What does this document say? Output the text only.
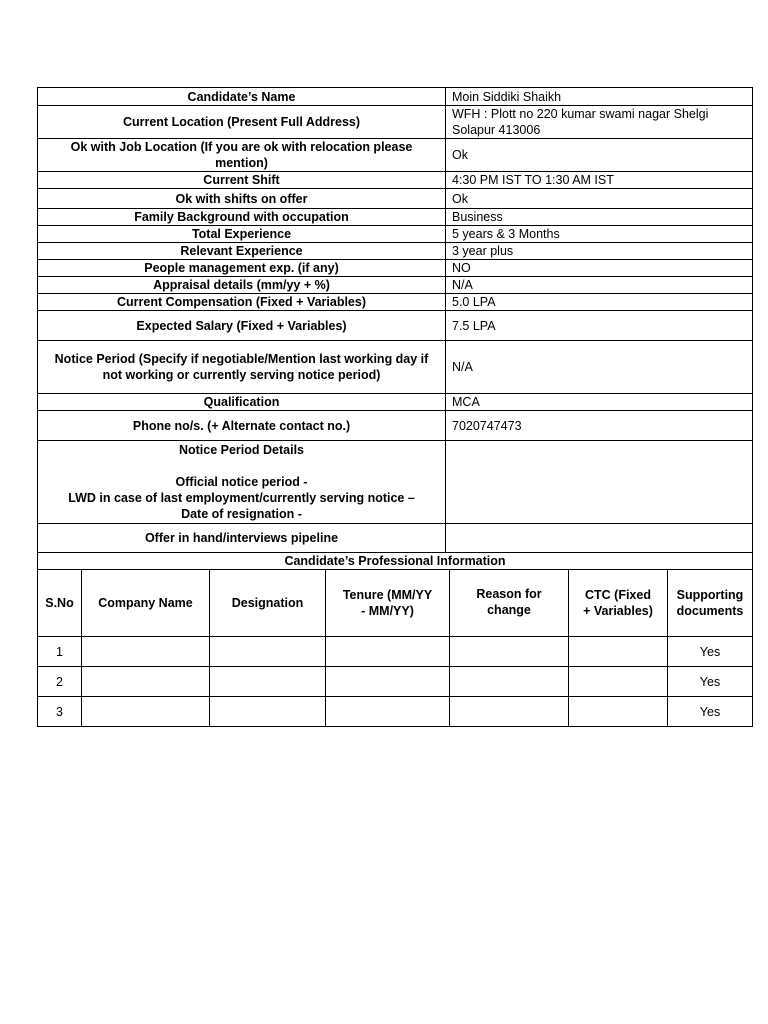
Candidate’s Name	Moin Siddiki Shaikh
Current Location (Present Full Address)	WFH : Plott no 220 kumar swami nagar Shelgi Solapur 413006
Ok with Job Location (If you are ok with relocation please mention)	Ok
Current Shift	4:30 PM IST TO 1:30 AM IST
Ok with shifts on offer	Ok
Family Background with occupation	Business
Total Experience	5 years & 3 Months
Relevant Experience	3 year plus
People management exp. (if any)	NO
Appraisal details (mm/yy + %)	N/A
Current Compensation (Fixed + Variables)	5.0 LPA
Expected Salary (Fixed + Variables)	7.5 LPA
Notice Period (Specify if negotiable/Mention last working day if not working or currently serving notice period)	N/A
Qualification	MCA
Phone no/s. (+ Alternate contact no.)	7020747473

Notice Period Details
Official notice period -
LWD in case of last employment/currently serving notice –
Date of resignation -	

Offer in hand/interviews pipeline	
Candidate’s Professional Information	
S.No	Company Name	Designation	Tenure (MM/YY - MM/YY)	Reason for change	CTC (Fixed + Variables)	Supporting documents
1						Yes
2						Yes
3						Yes
